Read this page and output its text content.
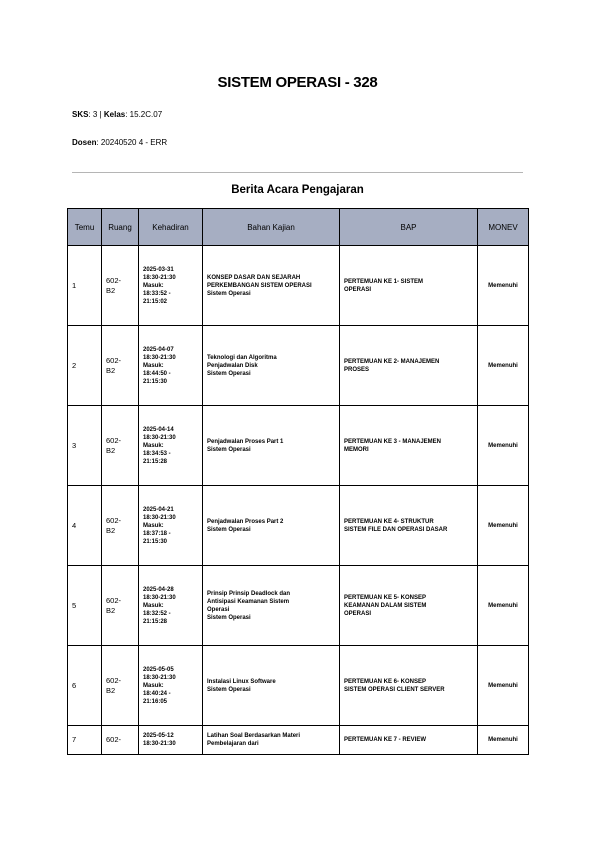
SISTEM OPERASI - 328
SKS: 3 | Kelas: 15.2C.07
Dosen: 20240520 4 - ERR
Berita Acara Pengajaran
Temu	Ruang	Kehadiran	Bahan Kajian	BAP	MONEV
1	602-
B2	2025-03-31
18:30-21:30
Masuk:
18:33:52 -
21:15:02	KONSEP DASAR DAN SEJARAH
PERKEMBANGAN SISTEM OPERASI
Sistem Operasi	PERTEMUAN KE 1- SISTEM
OPERASI	Memenuhi
2	602-
B2	2025-04-07
18:30-21:30
Masuk:
18:44:50 -
21:15:30	Teknologi dan Algoritma
Penjadwalan Disk
Sistem Operasi	PERTEMUAN KE 2- MANAJEMEN
PROSES	Memenuhi
3	602-
B2	2025-04-14
18:30-21:30
Masuk:
18:34:53 -
21:15:28	Penjadwalan Proses Part 1
Sistem Operasi	PERTEMUAN KE 3 - MANAJEMEN
MEMORI	Memenuhi
4	602-
B2	2025-04-21
18:30-21:30
Masuk:
18:37:18 -
21:15:30	Penjadwalan Proses Part 2
Sistem Operasi	PERTEMUAN KE 4- STRUKTUR
SISTEM FILE DAN OPERASI DASAR	Memenuhi
5	602-
B2	2025-04-28
18:30-21:30
Masuk:
18:32:52 -
21:15:28	Prinsip Prinsip Deadlock dan
Antisipasi Keamanan Sistem
Operasi
Sistem Operasi	PERTEMUAN KE 5- KONSEP
KEAMANAN DALAM SISTEM
OPERASI	Memenuhi
6	602-
B2	2025-05-05
18:30-21:30
Masuk:
18:40:24 -
21:16:05	Instalasi Linux Software
Sistem Operasi	PERTEMUAN KE 6- KONSEP
SISTEM OPERASI CLIENT SERVER	Memenuhi
7	602-	2025-05-12
18:30-21:30	Latihan Soal Berdasarkan Materi
Pembelajaran dari	PERTEMUAN KE 7 - REVIEW	Memenuhi
